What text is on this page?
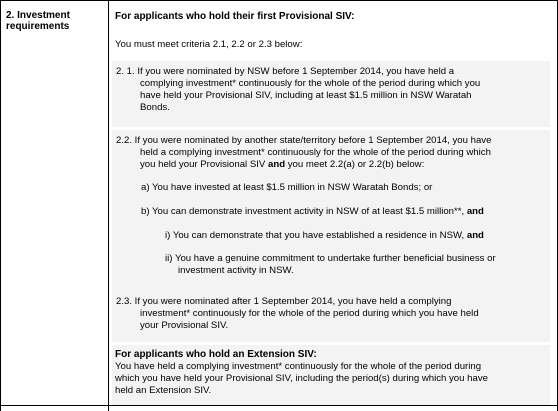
2. Investment requirements
For applicants who hold their first Provisional SIV:
You must meet criteria 2.1, 2.2 or 2.3 below:
2. 1. If you were nominated by NSW before 1 September 2014, you have held a
complying investment* continuously for the whole of the period during which you
have held your Provisional SIV, including at least $1.5 million in NSW Waratah
Bonds.
2.2. If you were nominated by another state/territory before 1 September 2014, you have
held a complying investment* continuously for the whole of the period during which
you held your Provisional SIV and you meet 2.2(a) or 2.2(b) below:
a) You have invested at least $1.5 million in NSW Waratah Bonds; or
b) You can demonstrate investment activity in NSW of at least $1.5 million**, and
i) You can demonstrate that you have established a residence in NSW, and
ii) You have a genuine commitment to undertake further beneficial business or
investment activity in NSW.
2.3. If you were nominated after 1 September 2014, you have held a complying
investment* continuously for the whole of the period during which you have held
your Provisional SIV.
For applicants who hold an Extension SIV:
You have held a complying investment* continuously for the whole of the period during
which you have held your Provisional SIV, including the period(s) during which you have
held an Extension SIV.
